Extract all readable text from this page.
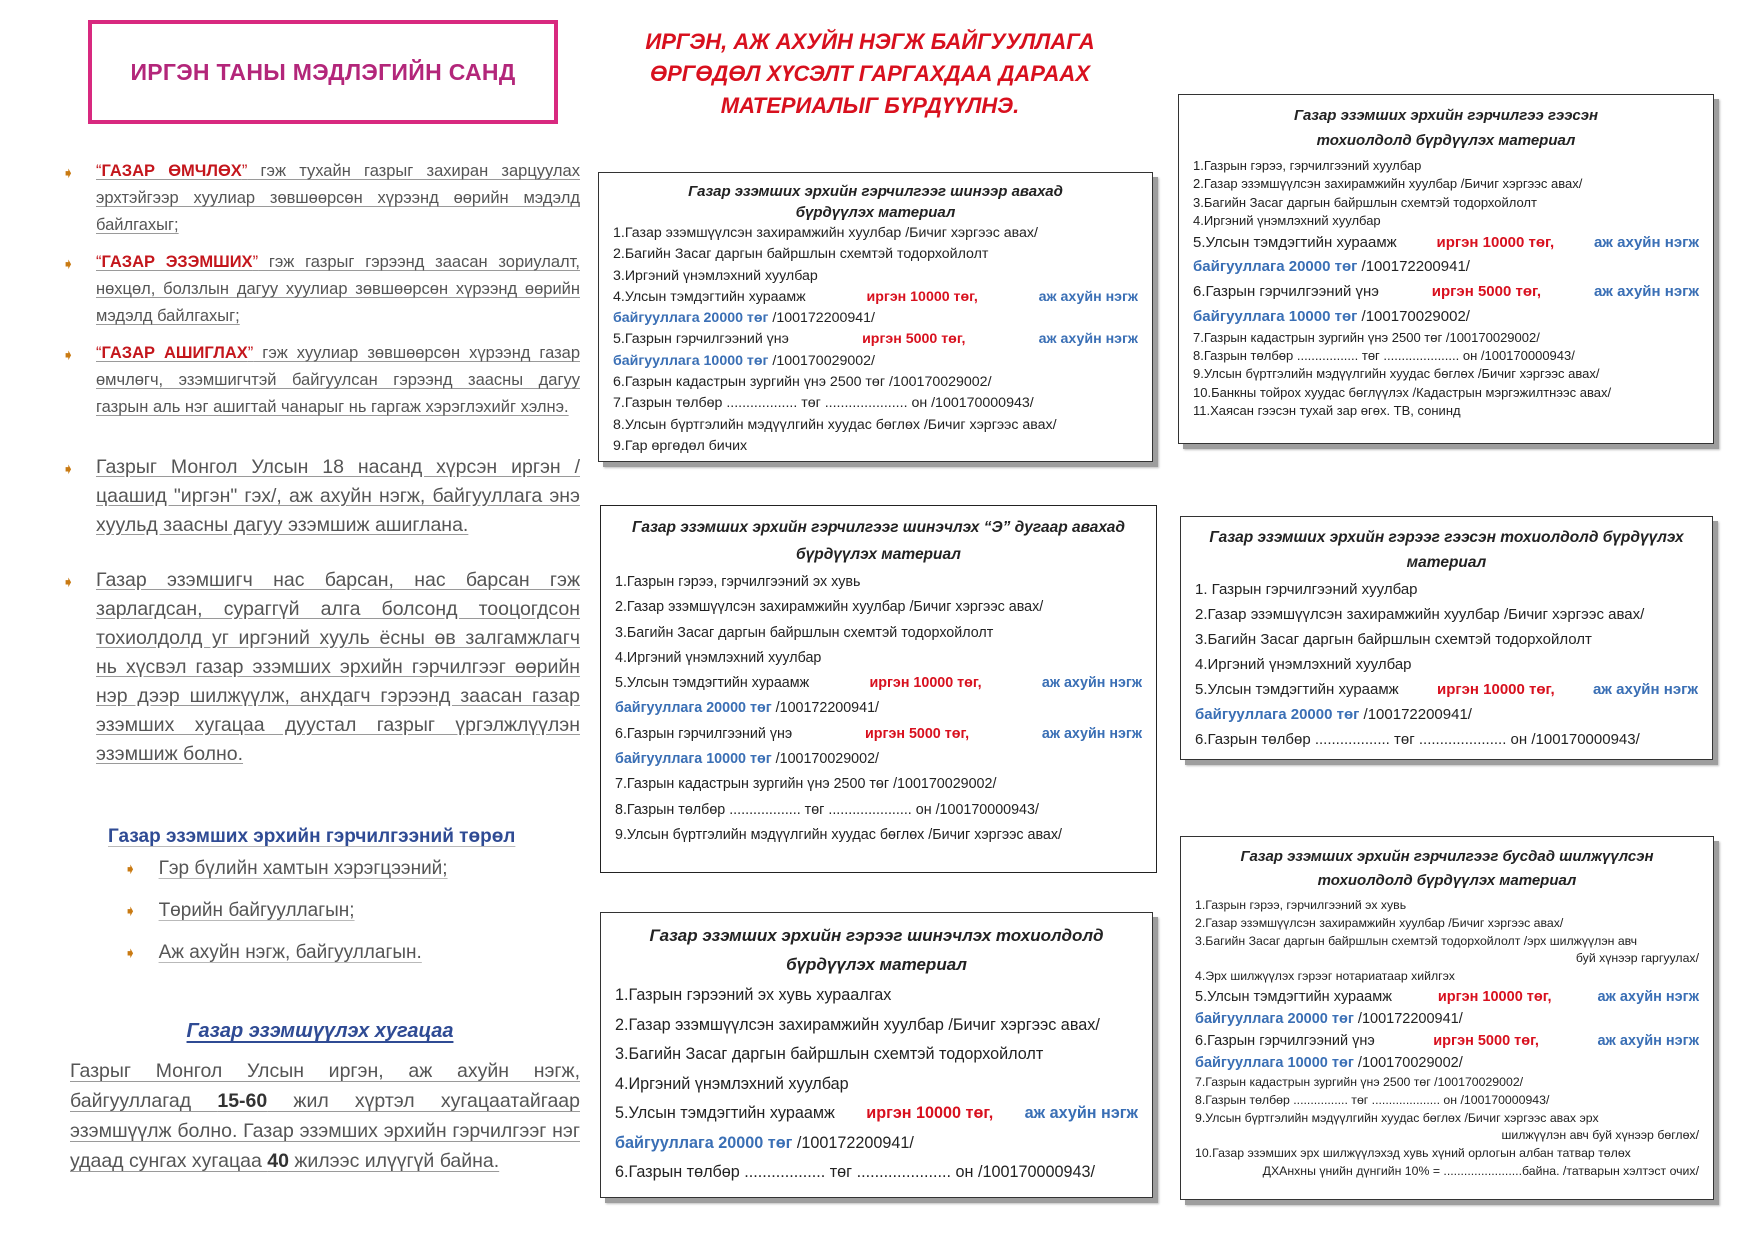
ИРГЭН ТАНЫ МЭДЛЭГИЙН САНД
ИРГЭН, АЖ АХУЙН НЭГЖ БАЙГУУЛЛАГА
ӨРГӨДӨЛ ХҮСЭЛТ ГАРГАХДАА ДАРААХ
МАТЕРИАЛЫГ БҮРДҮҮЛНЭ.
➧ “ГАЗАР ӨМЧЛӨХ” гэж тухайн газрыг захиран зарцуулах эрхтэйгээр хуулиар зөвшөөрсөн хүрээнд өөрийн мэдэлд байлгахыг;
➧ “ГАЗАР ЭЗЭМШИХ” гэж газрыг гэрээнд заасан зориулалт, нөхцөл, болзлын дагуу хуулиар зөвшөөрсөн хүрээнд өөрийн мэдэлд байлгахыг;
➧ “ГАЗАР АШИГЛАХ” гэж хуулиар зөвшөөрсөн хүрээнд газар өмчлөгч, эзэмшигчтэй байгуулсан гэрээнд заасны дагуу газрын аль нэг ашигтай чанарыг нь гаргаж хэрэглэхийг хэлнэ.
➧ Газрыг Монгол Улсын 18 насанд хүрсэн иргэн /цаашид "иргэн" гэх/, аж ахуйн нэгж, байгууллага энэ хуульд заасны дагуу эзэмшиж ашиглана.
➧ Газар эзэмшигч нас барсан, нас барсан гэж зарлагдсан, сураггүй алга болсонд тооцогдсон тохиолдолд уг иргэний хууль ёсны өв залгамжлагч нь хүсвэл газар эзэмших эрхийн гэрчилгээг өөрийн нэр дээр шилжүүлж, анхдагч гэрээнд заасан газар эзэмших хугацаа дуустал газрыг үргэлжлүүлэн эзэмшиж болно.
Газар эзэмших эрхийн гэрчилгээний төрөл
➧ Гэр бүлийн хамтын хэрэгцээний;
➧ Төрийн байгууллагын;
➧ Аж ахуйн нэгж, байгууллагын.
Газар эзэмшүүлэх хугацаа
Газрыг Монгол Улсын иргэн, аж ахуйн нэгж, байгууллагад 15-60 жил хүртэл хугацаатайгаар эзэмшүүлж болно. Газар эзэмших эрхийн гэрчилгээг нэг удаад сунгах хугацаа 40 жилээс илүүгүй байна.
Газар эзэмших эрхийн гэрчилгээг шинээр авахад бүрдүүлэх материал
1.Газар эзэмшүүлсэн захирамжийн хуулбар /Бичиг хэргээс авах/
2.Багийн Засаг даргын байршлын схемтэй тодорхойлолт
3.Иргэний үнэмлэхний хуулбар
4.Улсын тэмдэгтийн хураамж	иргэн 10000 төг,	аж ахуйн нэгж
байгууллага 20000 төг /100172200941/
5.Газрын гэрчилгээний үнэ	иргэн 5000 төг,	аж ахуйн нэгж
байгууллага 10000 төг /100170029002/
6.Газрын кадастрын зургийн үнэ 2500 төг /100170029002/
7.Газрын төлбөр .................. төг ..................... он /100170000943/
8.Улсын бүртгэлийн мэдүүлгийн хуудас бөглөх /Бичиг хэргээс авах/
9.Гар өргөдөл бичих
Газар эзэмших эрхийн гэрчилгээ гээсэн тохиолдолд бүрдүүлэх материал
1.Газрын гэрээ, гэрчилгээний хуулбар
2.Газар эзэмшүүлсэн захирамжийн хуулбар /Бичиг хэргээс авах/
3.Багийн Засаг даргын байршлын схемтэй тодорхойлолт
4.Иргэний үнэмлэхний хуулбар
5.Улсын тэмдэгтийн хураамж	иргэн 10000 төг,	аж ахуйн нэгж
байгууллага 20000 төг /100172200941/
6.Газрын гэрчилгээний үнэ	иргэн 5000 төг,	аж ахуйн нэгж
байгууллага 10000 төг /100170029002/
7.Газрын кадастрын зургийн үнэ 2500 төг /100170029002/
8.Газрын төлбөр ................. төг ..................... он /100170000943/
9.Улсын бүртгэлийн мэдүүлгийн хуудас бөглөх /Бичиг хэргээс авах/
10.Банкны тойрох хуудас бөглүүлэх /Кадастрын мэргэжилтнээс авах/
11.Хаясан гээсэн тухай зар өгөх. ТВ, сонинд
Газар эзэмших эрхийн гэрчилгээг шинэчлэх “Э” дугаар авахад бүрдүүлэх материал
1.Газрын гэрээ, гэрчилгээний эх хувь
2.Газар эзэмшүүлсэн захирамжийн хуулбар /Бичиг хэргээс авах/
3.Багийн Засаг даргын байршлын схемтэй тодорхойлолт
4.Иргэний үнэмлэхний хуулбар
5.Улсын тэмдэгтийн хураамж	иргэн 10000 төг,	аж ахуйн нэгж
байгууллага 20000 төг /100172200941/
6.Газрын гэрчилгээний үнэ	иргэн 5000 төг,	аж ахуйн нэгж
байгууллага 10000 төг /100170029002/
7.Газрын кадастрын зургийн үнэ 2500 төг /100170029002/
8.Газрын төлбөр .................. төг ..................... он /100170000943/
9.Улсын бүртгэлийн мэдүүлгийн хуудас бөглөх /Бичиг хэргээс авах/
Газар эзэмших эрхийн гэрээг гээсэн тохиолдолд бүрдүүлэх материал
1. Газрын гэрчилгээний хуулбар
2.Газар эзэмшүүлсэн захирамжийн хуулбар /Бичиг хэргээс авах/
3.Багийн Засаг даргын байршлын схемтэй тодорхойлолт
4.Иргэний үнэмлэхний хуулбар
5.Улсын тэмдэгтийн хураамж	иргэн 10000 төг,	аж ахуйн нэгж
байгууллага 20000 төг /100172200941/
6.Газрын төлбөр .................. төг ..................... он /100170000943/
Газар эзэмших эрхийн гэрээг шинэчлэх тохиолдолд бүрдүүлэх материал
1.Газрын гэрээний эх хувь хураалгах
2.Газар эзэмшүүлсэн захирамжийн хуулбар /Бичиг хэргээс авах/
3.Багийн Засаг даргын байршлын схемтэй тодорхойлолт
4.Иргэний үнэмлэхний хуулбар
5.Улсын тэмдэгтийн хураамж иргэн 10000 төг, аж ахуйн нэгж
байгууллага 20000 төг /100172200941/
6.Газрын төлбөр .................. төг ..................... он /100170000943/
Газар эзэмших эрхийн гэрчилгээг бусдад шилжүүлсэн тохиолдолд бүрдүүлэх материал
1.Газрын гэрээ, гэрчилгээний эх хувь
2.Газар эзэмшүүлсэн захирамжийн хуулбар /Бичиг хэргээс авах/
3.Багийн Засаг даргын байршлын схемтэй тодорхойлолт /эрх шилжүүлэн авч
буй хүнээр гаргуулах/
4.Эрх шилжүүлэх гэрээг нотариатаар хийлгэх
5.Улсын тэмдэгтийн хураамж	иргэн 10000 төг,	аж ахуйн нэгж
байгууллага 20000 төг /100172200941/
6.Газрын гэрчилгээний үнэ	иргэн 5000 төг,	аж ахуйн нэгж
байгууллага 10000 төг /100170029002/
7.Газрын кадастрын зургийн үнэ 2500 төг /100170029002/
8.Газрын төлбөр ................ төг .................... он /100170000943/
9.Улсын бүртгэлийн мэдүүлгийн хуудас бөглөх /Бичиг хэргээс авах эрх
шилжүүлэн авч буй хүнээр бөглөх/
10.Газар эзэмших эрх шилжүүлэхэд хувь хүний орлогын албан татвар төлөх
ДХАнхны үнийн дүнгийн 10% = .......................байна. /татварын хэлтэст очих/
